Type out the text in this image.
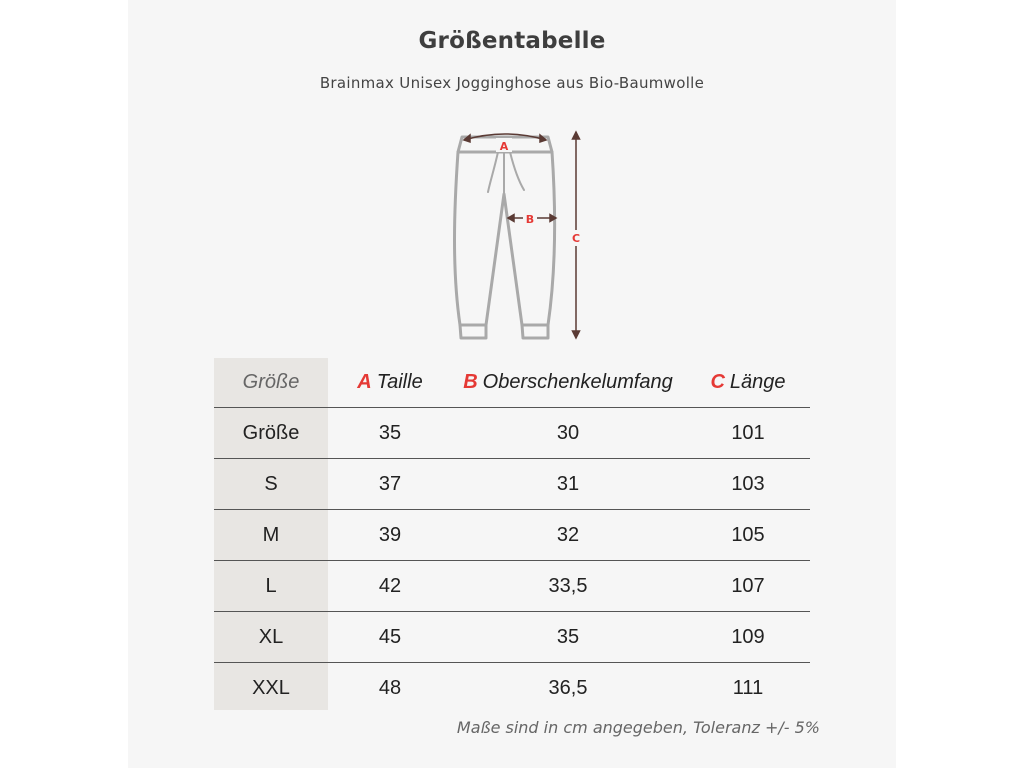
Größentabelle
Brainmax Unisex Jogginghose aus Bio-Baumwolle
A
B
C
Größe	A Taille	B Oberschenkelumfang	C Länge
Größe	35	30	101
S	37	31	103
M	39	32	105
L	42	33,5	107
XL	45	35	109
XXL	48	36,5	111
Maße sind in cm angegeben, Toleranz +/- 5%
